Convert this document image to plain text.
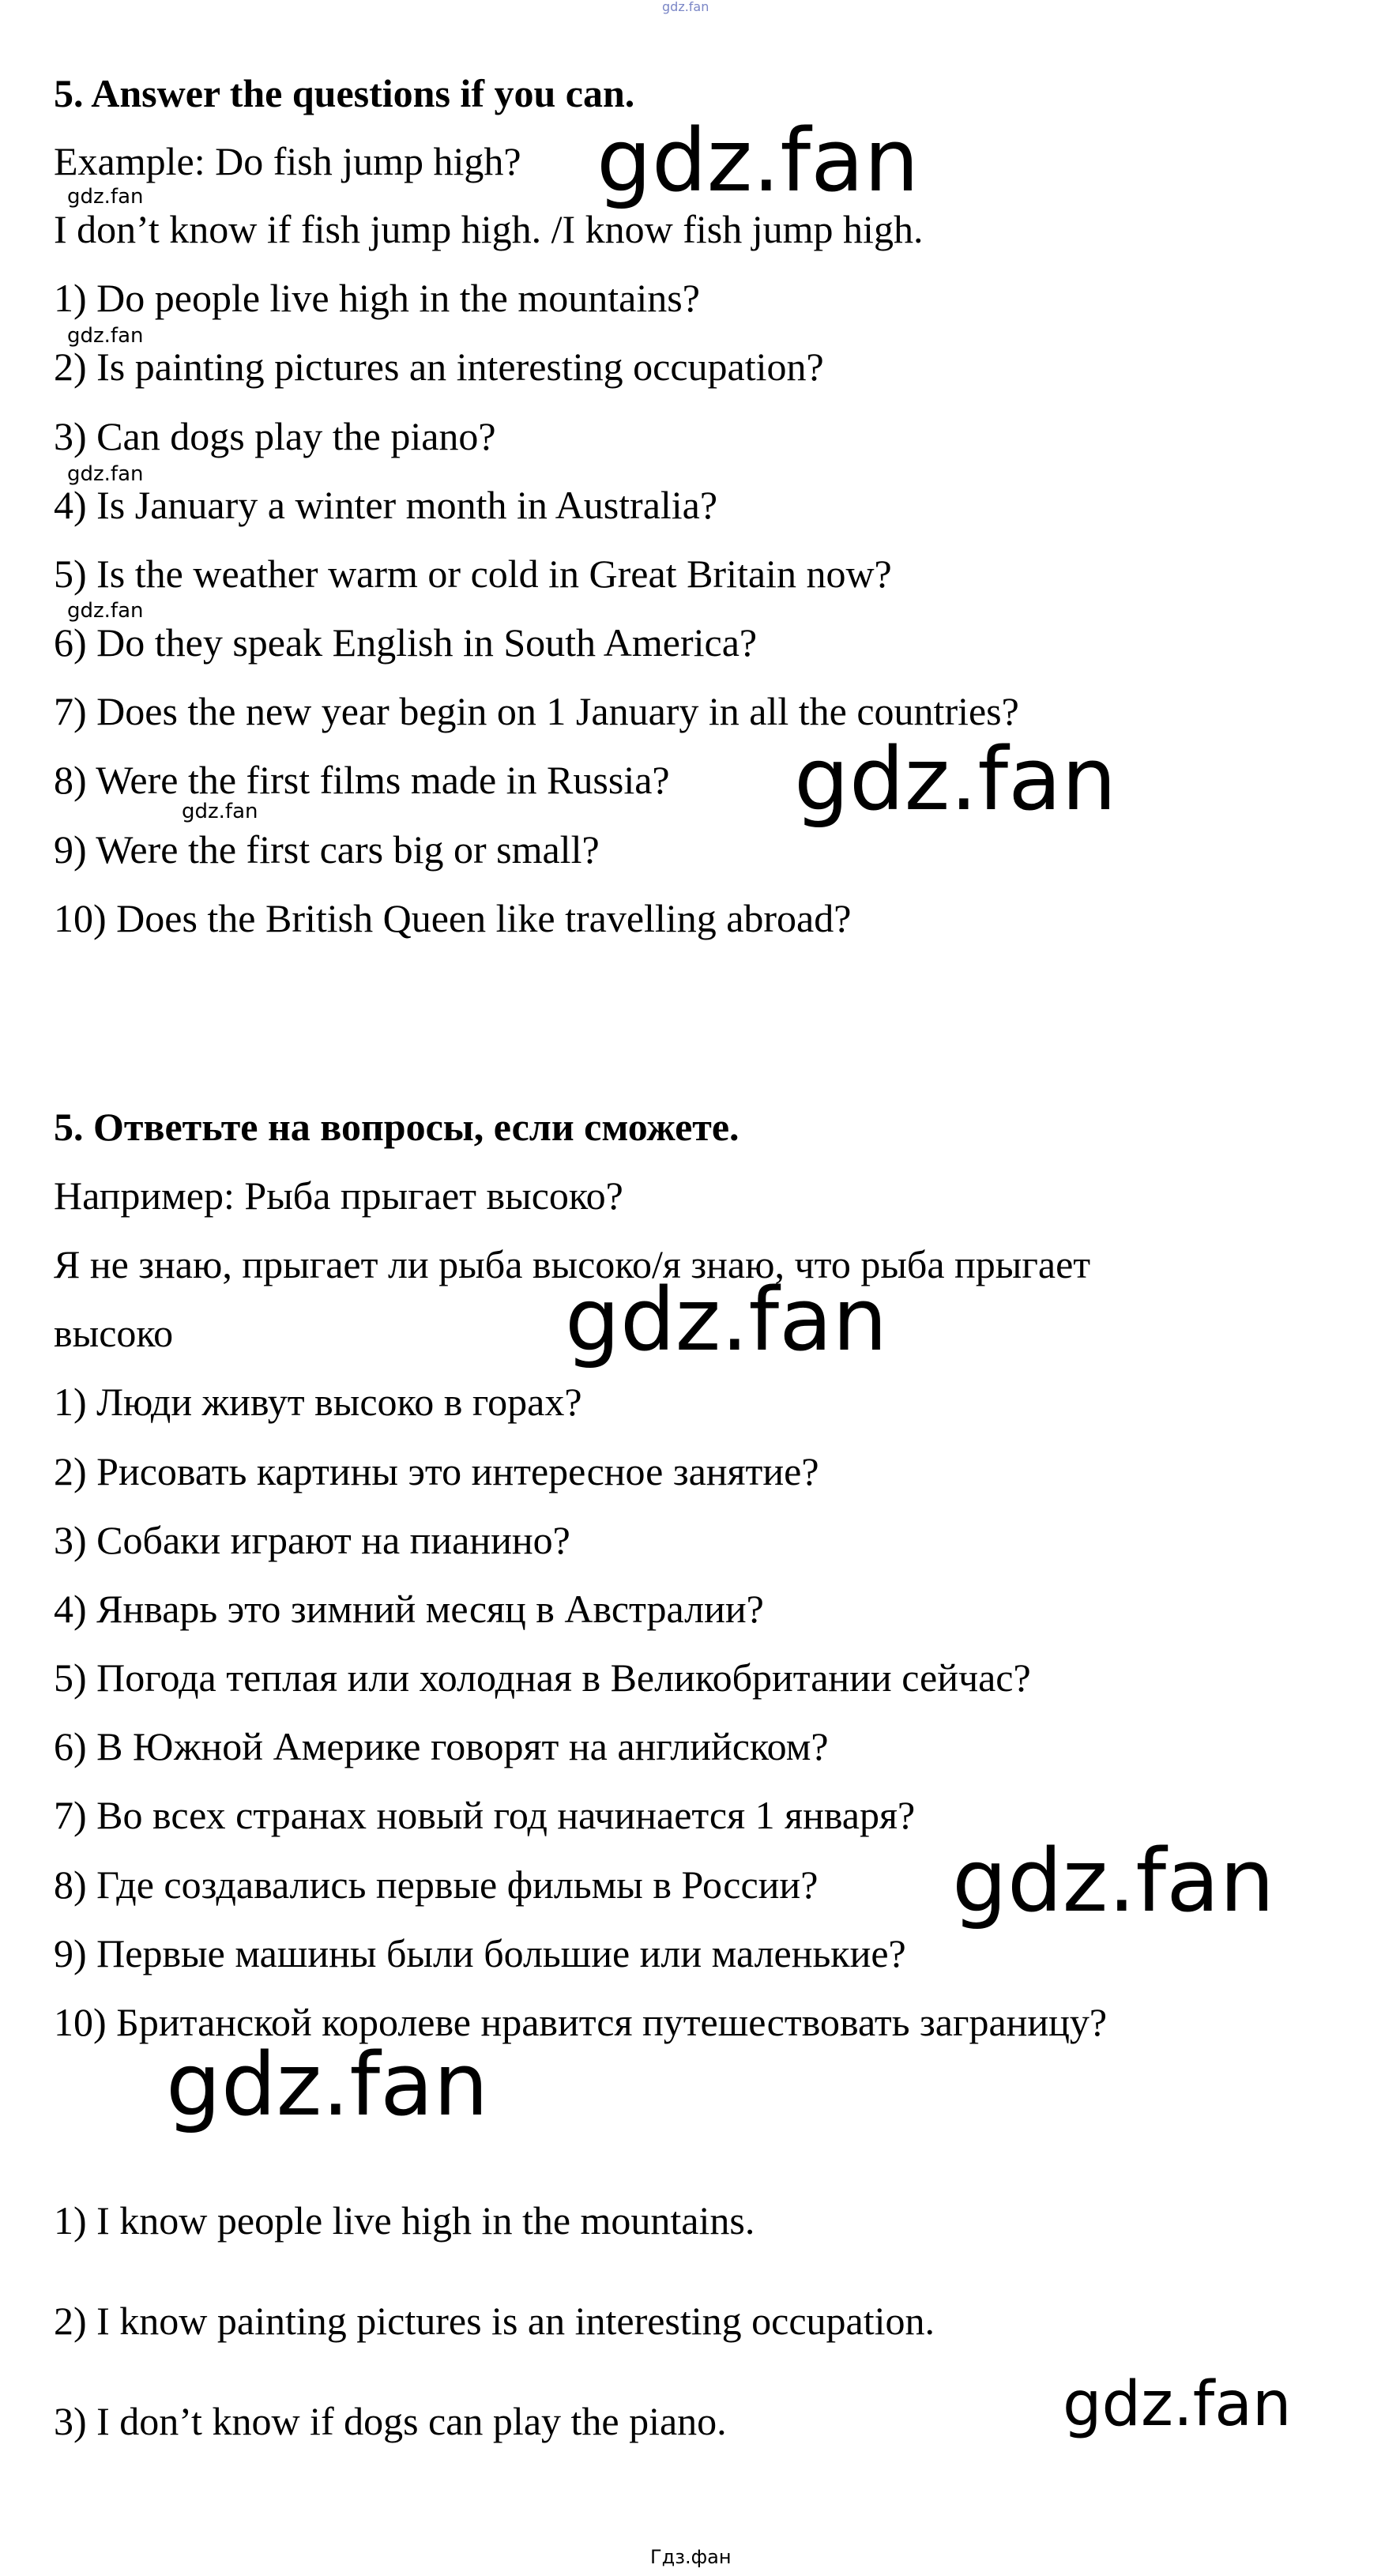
gdz.fan

5. Answer the questions if you can.

Example: Do fish jump high?

I don’t know if fish jump high. /I know fish jump high.

1) Do people live high in the mountains?

2) Is painting pictures an interesting occupation?

3) Can dogs play the piano?

4) Is January a winter month in Australia?

5) Is the weather warm or cold in Great Britain now?

6) Do they speak English in South America?

7) Does the new year begin on 1 January in all the countries?

8) Were the first films made in Russia?

9) Were the first cars big or small?

10) Does the British Queen like travelling abroad?

5. Ответьте на вопросы, если сможете.

Например: Рыба прыгает высоко?

Я не знаю, прыгает ли рыба высоко/я знаю, что рыба прыгает

высоко

1) Люди живут высоко в горах?

2) Рисовать картины это интересное занятие?

3) Собаки играют на пианино?

4) Январь это зимний месяц в Австралии?

5) Погода теплая или холодная в Великобритании сейчас?

6) В Южной Америке говорят на английском?

7) Во всех странах новый год начинается 1 января?

8) Где создавались первые фильмы в России?

9) Первые машины были большие или маленькие?

10) Британской королеве нравится путешествовать заграницу?

1) I know people live high in the mountains.

2) I know painting pictures is an interesting occupation.

3) I don’t know if dogs can play the piano.

gdz.fan

gdz.fan

gdz.fan

gdz.fan

gdz.fan

gdz.fan

gdz.fan

gdz.fan

gdz.fan

gdz.fan

gdz.fan

Гдз.фан
